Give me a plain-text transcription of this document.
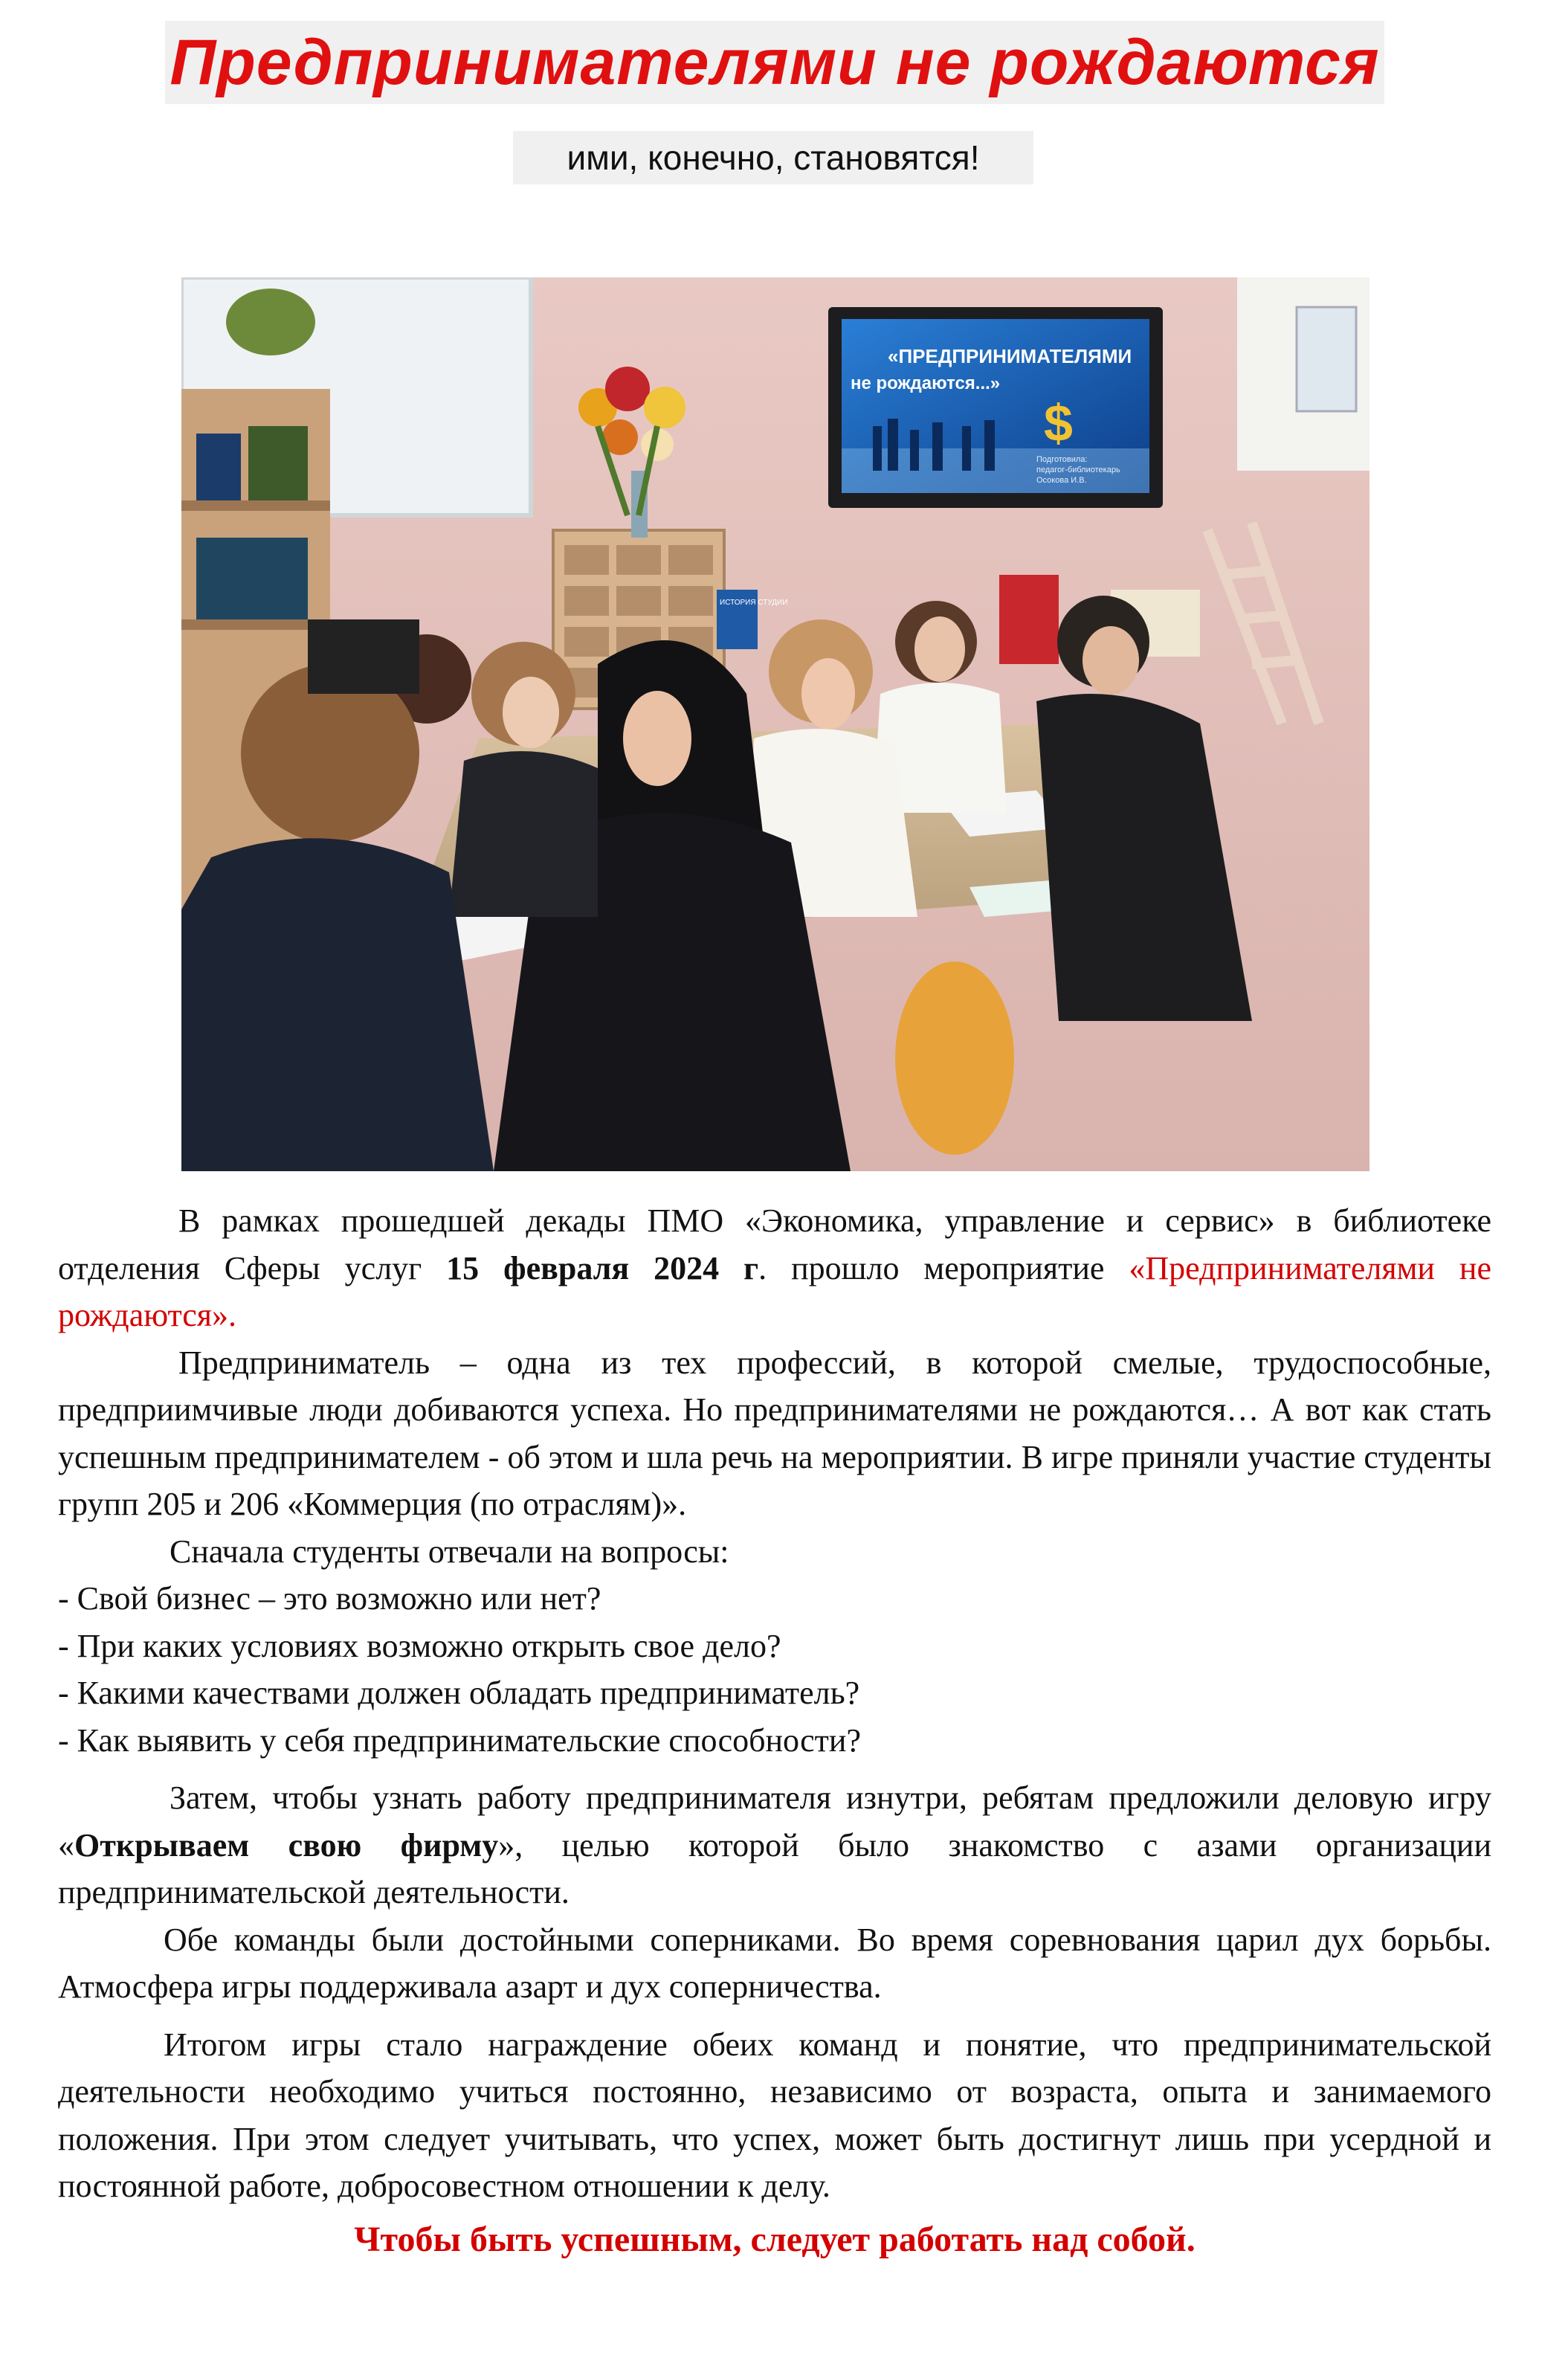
Предпринимателями не рождаются
ими, конечно, становятся!
«ПРЕДПРИНИМАТЕЛЯМИ
не рождаются...»
$
Подготовила:
педагог-библиотекарь
Осокова И.В.
ИСТОРИЯ СТУДИИ

В рамках прошедшей декады ПМО «Экономика, управление и сервис» в библиотеке отделения Сферы услуг 15 февраля 2024 г. прошло мероприятие «Предпринимателями не рождаются».

Предприниматель – одна из тех профессий, в которой смелые, трудоспособные, предприимчивые люди добиваются успеха. Но предпринимателями не рождаются… А вот как стать успешным предпринимателем - об этом и шла речь на мероприятии. В игре приняли участие студенты групп 205 и 206 «Коммерция (по отраслям)».

Сначала студенты отвечали на вопросы:

- Свой бизнес – это возможно или нет?

- При каких условиях возможно открыть свое дело?

- Какими качествами должен обладать предприниматель?

- Как выявить у себя предпринимательские способности?

Затем, чтобы узнать работу предпринимателя изнутри, ребятам предложили деловую игру «Открываем свою фирму», целью которой было знакомство с азами организации предпринимательской деятельности.

Обе команды были достойными соперниками. Во время соревнования царил дух борьбы. Атмосфера игры поддерживала азарт и дух соперничества.

Итогом игры стало награждение обеих команд и понятие, что предпринимательской деятельности необходимо учиться постоянно, независимо от возраста, опыта и занимаемого положения. При этом следует учитывать, что успех, может быть достигнут лишь при усердной и постоянной работе, добросовестном отношении к делу.

Чтобы быть успешным, следует работать над собой.
